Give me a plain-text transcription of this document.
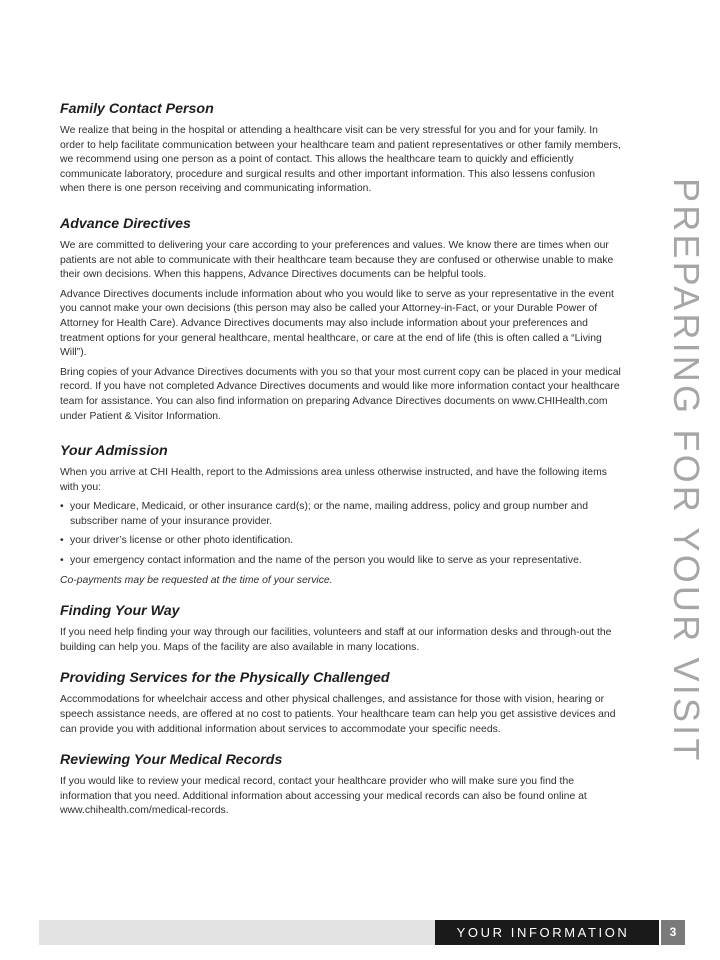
Family Contact Person

We realize that being in the hospital or attending a healthcare visit can be very stressful for you and for your family. In order to help facilitate communication between your healthcare team and patient representatives or other family members, we recommend using one person as a point of contact. This allows the healthcare team to quickly and efficiently communicate laboratory, procedure and surgical results and other important information. This also lessens confusion when there is one person receiving and communicating information.

Advance Directives

We are committed to delivering your care according to your preferences and values. We know there are times when our patients are not able to communicate with their healthcare team because they are confused or otherwise unable to make their own decisions. When this happens, Advance Directives documents can be helpful tools.

Advance Directives documents include information about who you would like to serve as your representative in the event you cannot make your own decisions (this person may also be called your Attorney-in-Fact, or your Durable Power of Attorney for Health Care). Advance Directives documents may also include information about your preferences and treatment options for your general healthcare, mental healthcare, or care at the end of life (this is often called a “Living Will”).

Bring copies of your Advance Directives documents with you so that your most current copy can be placed in your medical record. If you have not completed Advance Directives documents and would like more information contact your healthcare team for assistance. You can also find information on preparing Advance Directives documents on www.CHIHealth.com under Patient & Visitor Information.

Your Admission

When you arrive at CHI Health, report to the Admissions area unless otherwise instructed, and have the following items with you:

• your Medicare, Medicaid, or other insurance card(s); or the name, mailing address, policy and group number and subscriber name of your insurance provider.
• your driver’s license or other photo identification.
• your emergency contact information and the name of the person you would like to serve as your representative.

Co-payments may be requested at the time of your service.

Finding Your Way

If you need help finding your way through our facilities, volunteers and staff at our information desks and through-out the building can help you. Maps of the facility are also available in many locations.

Providing Services for the Physically Challenged

Accommodations for wheelchair access and other physical challenges, and assistance for those with vision, hearing or speech assistance needs, are offered at no cost to patients. Your healthcare team can help you get assistive devices and can provide you with additional information about services to accommodate your specific needs.

Reviewing Your Medical Records

If you would like to review your medical record, contact your healthcare provider who will make sure you find the information that you need. Additional information about accessing your medical records can also be found online at www.chihealth.com/medical-records.

PREPARING FOR YOUR VISIT
YOUR INFORMATION	3
